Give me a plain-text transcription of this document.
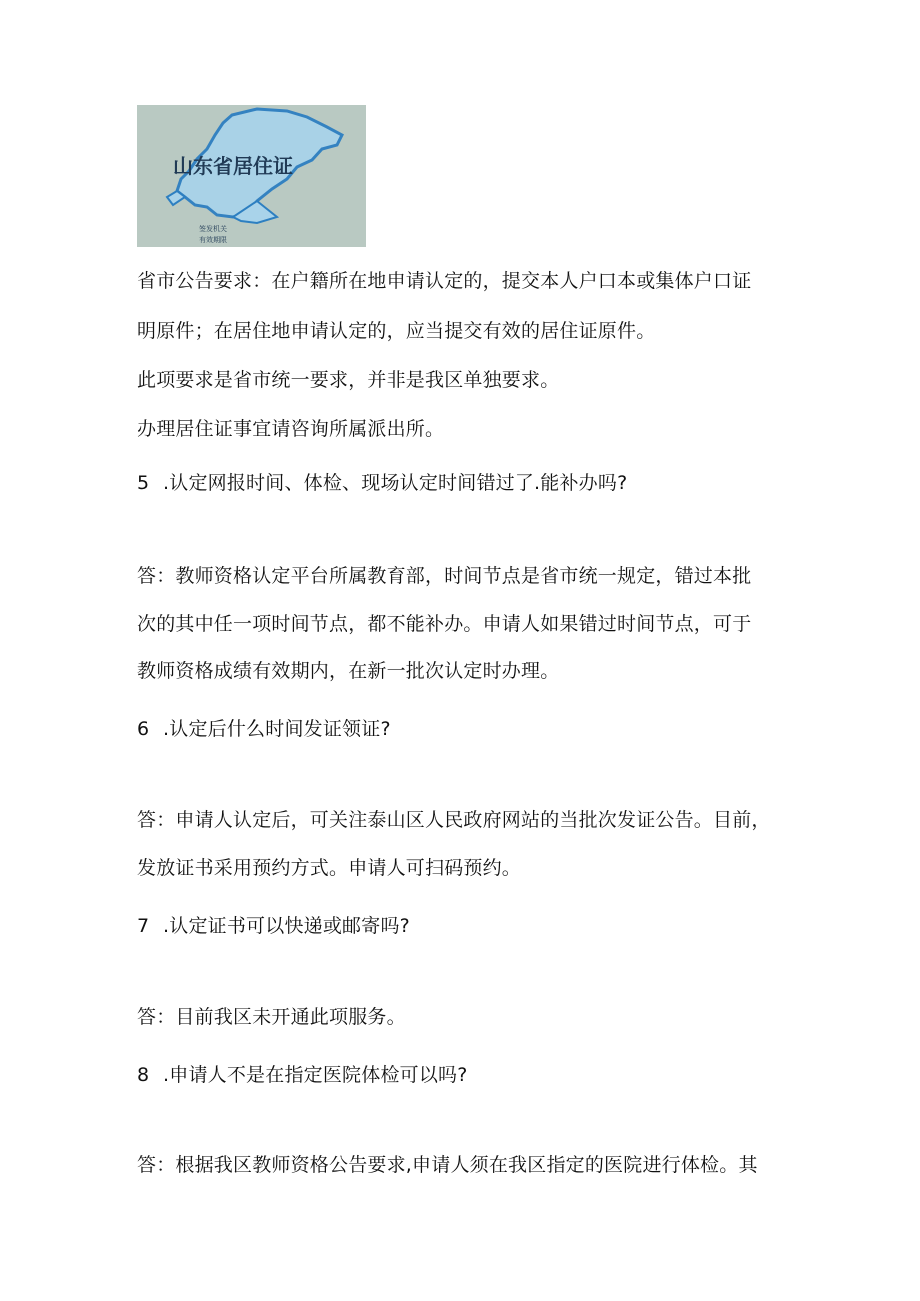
山东省居住证
签发机关
有效期限
省市公告要求：在户籍所在地申请认定的，提交本人户口本或集体户口证
明原件；在居住地申请认定的，应当提交有效的居住证原件。
此项要求是省市统一要求，并非是我区单独要求。
办理居住证事宜请咨询所属派出所。
5 .认定网报时间、体检、现场认定时间错过了.能补办吗?
答：教师资格认定平台所属教育部，时间节点是省市统一规定，错过本批
次的其中任一项时间节点，都不能补办。申请人如果错过时间节点，可于
教师资格成绩有效期内，在新一批次认定时办理。
6 .认定后什么时间发证领证?
答：申请人认定后，可关注泰山区人民政府网站的当批次发证公告。目前，
发放证书采用预约方式。申请人可扫码预约。
7 .认定证书可以快递或邮寄吗?
答：目前我区未开通此项服务。
8 .申请人不是在指定医院体检可以吗?
答：根据我区教师资格公告要求,申请人须在我区指定的医院进行体检。其
